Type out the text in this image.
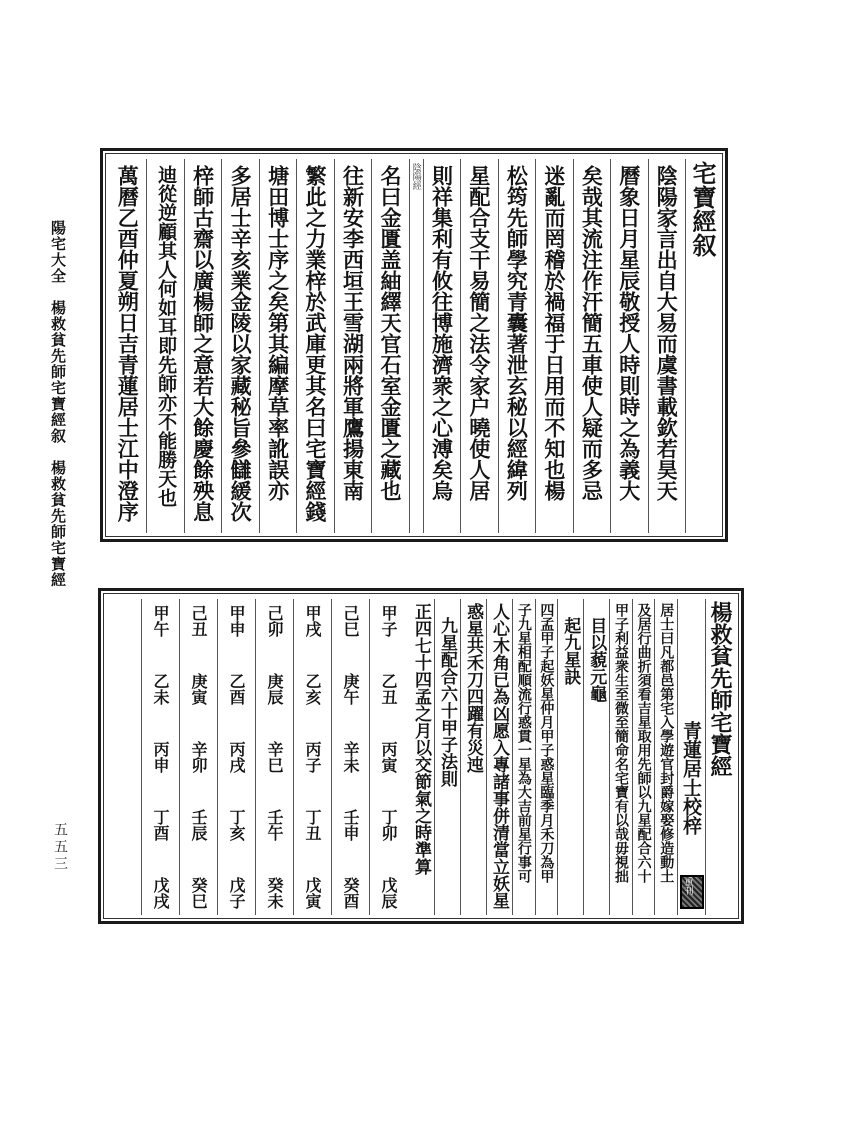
陽宅大全　楊救貧先師宅寶經叙　楊救貧先師宅寶經
五五三
宅寶經叙
陰陽家言出自大易而虞書載欽若昊天
曆象日月星辰敬授人時則時之為義大
矣哉其流注作汗簡五車使人疑而多忌
迷亂而罔稽於禍福于日用而不知也楊
松筠先師學究青囊著泄玄秘以經緯列
星配合支干易簡之法令家户曉使人居
則祥集利有攸往博施濟衆之心溥矣烏
陰陽經
名曰金匱盖紬繹天官石室金匱之藏也
往新安李西垣王雪湖兩將軍鷹揚東南
繁此之力業梓於武庫更其名曰宅寶經錢
塘田博士序之矣第其編摩草率訛誤亦
多居士辛亥業金陵以家藏秘旨參讎緩次
梓師古齋以廣楊師之意若大餘慶餘殃息
迪從逆顧其人何如耳即先師亦不能勝天也
萬曆乙酉仲夏朔日吉青蓮居士江中澄序
楊救貧先師宅寶經
青蓮居士校梓
重刊
居士曰凡都邑第宅入學遊官封爵嫁娶修造動土
及居行曲折須看吉星取用先師以九星配合六十
甲子利益衆生至微至簡命名宅寶有以哉毋視拙
目以藐元龜
起九星訣
四孟甲子起妖星仲月甲子惑星臨季月禾刀為甲
子九星相配順流行惑貫一星為大吉前星行事可
人心木角已為凶愿入專諸事併清當立妖星
惑星共禾刀四躍有災迍
九星配合六十甲子法則
正四七十四孟之月以交節氣之時準算
甲子
乙丑
丙寅
丁卯
戊辰
己巳
庚午
辛未
壬申
癸酉
甲戌
乙亥
丙子
丁丑
戊寅
己卯
庚辰
辛巳
壬午
癸未
甲申
乙酉
丙戌
丁亥
戊子
己丑
庚寅
辛卯
壬辰
癸巳
甲午
乙未
丙申
丁酉
戊戌
